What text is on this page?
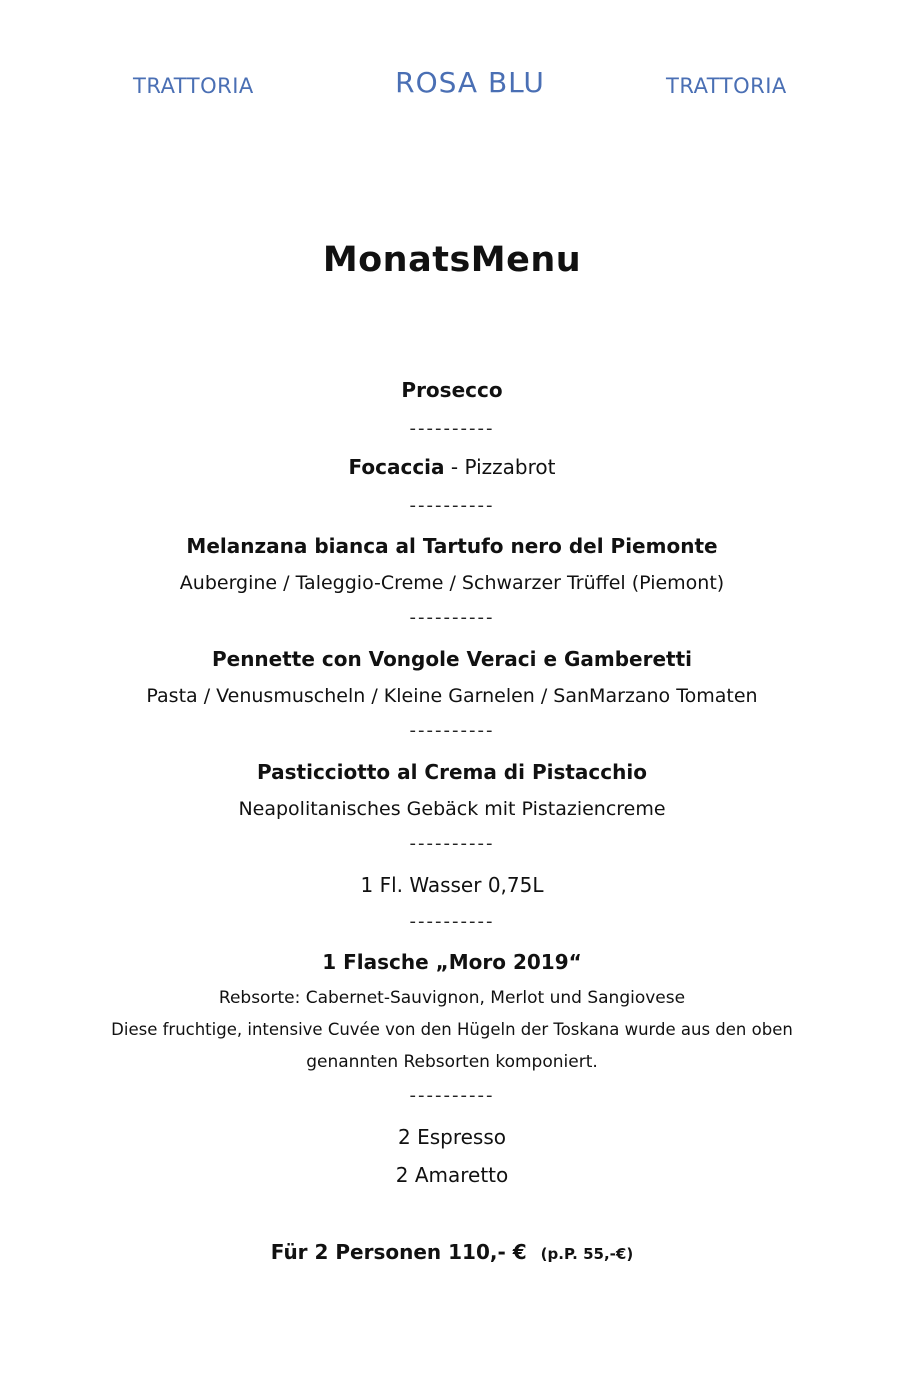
TRATTORIA	ROSA BLU	TRATTORIA
MonatsMenu
Prosecco
----------
Focaccia - Pizzabrot
----------
Melanzana bianca al Tartufo nero del Piemonte
Aubergine / Taleggio-Creme / Schwarzer Trüffel (Piemont)
----------
Pennette con Vongole Veraci e Gamberetti
Pasta / Venusmuscheln / Kleine Garnelen / SanMarzano Tomaten
----------
Pasticciotto al Crema di Pistacchio
Neapolitanisches Gebäck mit Pistaziencreme
----------
1 Fl. Wasser 0,75L
----------
1 Flasche „Moro 2019“
Rebsorte: Cabernet-Sauvignon, Merlot und Sangiovese
Diese fruchtige, intensive Cuvée von den Hügeln der Toskana wurde aus den oben
genannten Rebsorten komponiert.
----------
2 Espresso
2 Amaretto
Für 2 Personen 110,- € (p.P. 55,-€)
